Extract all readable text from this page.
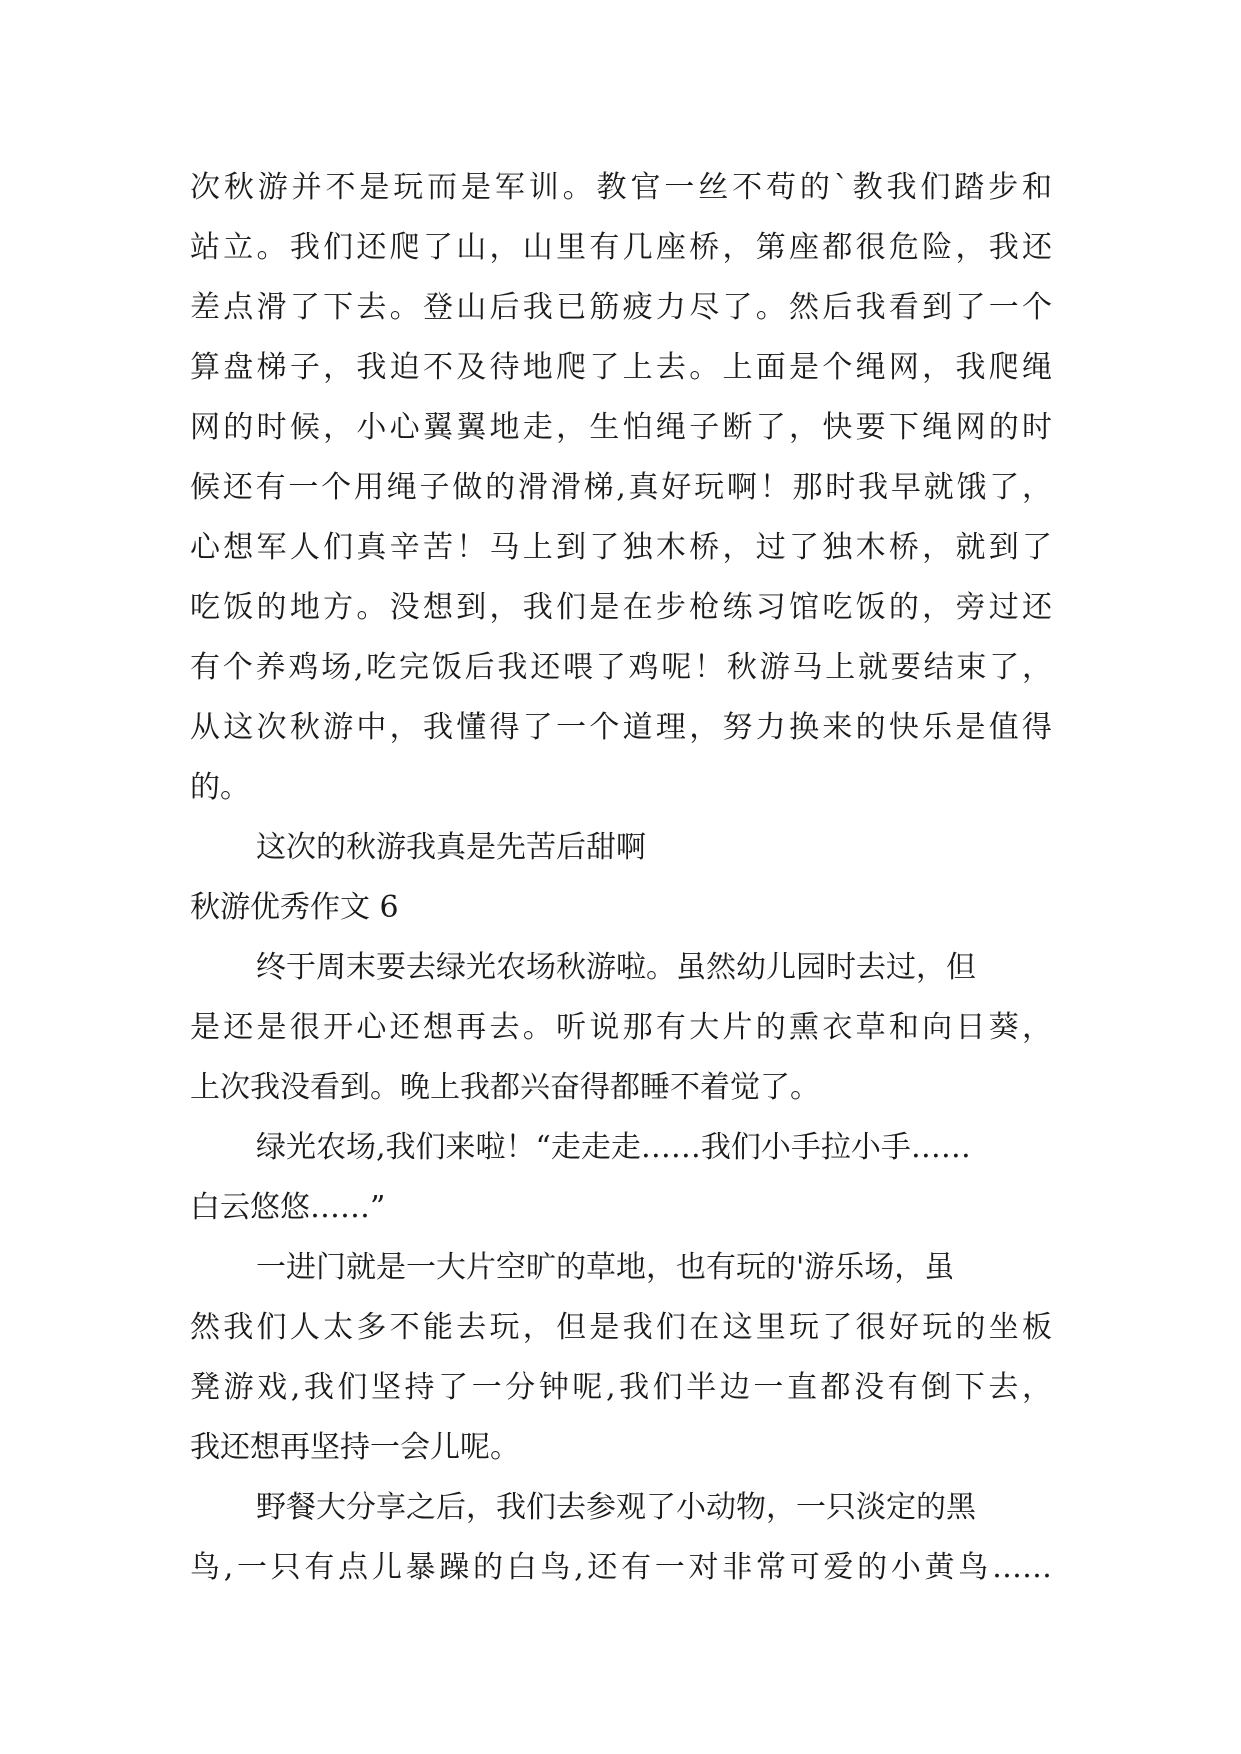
次秋游并不是玩而是军训。教官一丝不苟的`教我们踏步和
站立。我们还爬了山，山里有几座桥，第座都很危险，我还
差点滑了下去。登山后我已筋疲力尽了。然后我看到了一个
算盘梯子，我迫不及待地爬了上去。上面是个绳网，我爬绳
网的时候，小心翼翼地走，生怕绳子断了，快要下绳网的时
候还有一个用绳子做的滑滑梯,真好玩啊！那时我早就饿了，
心想军人们真辛苦！马上到了独木桥，过了独木桥，就到了
吃饭的地方。没想到，我们是在步枪练习馆吃饭的，旁过还
有个养鸡场,吃完饭后我还喂了鸡呢！秋游马上就要结束了，
从这次秋游中，我懂得了一个道理，努力换来的快乐是值得
的。
这次的秋游我真是先苦后甜啊
秋游优秀作文 6
终于周末要去绿光农场秋游啦。虽然幼儿园时去过，但
是还是很开心还想再去。听说那有大片的熏衣草和向日葵，
上次我没看到。晚上我都兴奋得都睡不着觉了。
绿光农场,我们来啦！“走走走……我们小手拉小手……
白云悠悠……”
一进门就是一大片空旷的草地，也有玩的'游乐场，虽
然我们人太多不能去玩，但是我们在这里玩了很好玩的坐板
凳游戏,我们坚持了一分钟呢,我们半边一直都没有倒下去，
我还想再坚持一会儿呢。
野餐大分享之后，我们去参观了小动物，一只淡定的黑
鸟,一只有点儿暴躁的白鸟,还有一对非常可爱的小黄鸟……
